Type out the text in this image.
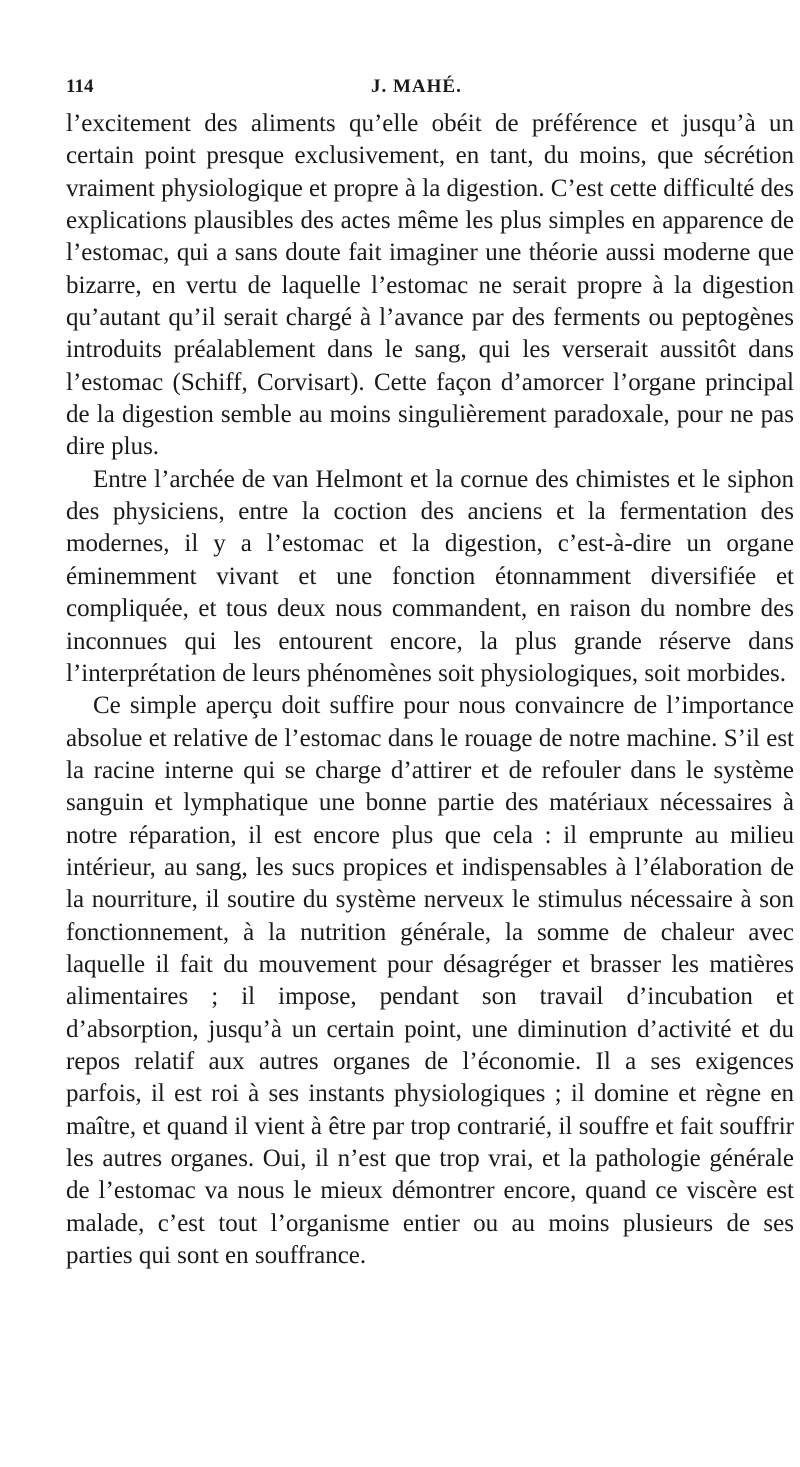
114	J. MAHÉ.

l’excitement des aliments qu’elle obéit de préférence et jusqu’à un certain point presque exclusivement, en tant, du moins, que sécrétion vraiment physiologique et propre à la digestion. C’est cette difficulté des explications plausibles des actes même les plus simples en apparence de l’estomac, qui a sans doute fait imaginer une théorie aussi moderne que bizarre, en vertu de laquelle l’estomac ne serait propre à la digestion qu’autant qu’il serait chargé à l’avance par des ferments ou peptogènes introduits préalablement dans le sang, qui les verserait aussitôt dans l’estomac (Schiff, Corvisart). Cette façon d’amorcer l’organe principal de la digestion semble au moins singulièrement paradoxale, pour ne pas dire plus.

Entre l’archée de van Helmont et la cornue des chimistes et le siphon des physiciens, entre la coction des anciens et la fermentation des modernes, il y a l’estomac et la digestion, c’est-à-dire un organe éminemment vivant et une fonction étonnamment diversifiée et compliquée, et tous deux nous commandent, en raison du nombre des inconnues qui les entourent encore, la plus grande réserve dans l’interprétation de leurs phénomènes soit physiologiques, soit morbides.

Ce simple aperçu doit suffire pour nous convaincre de l’importance absolue et relative de l’estomac dans le rouage de notre machine. S’il est la racine interne qui se charge d’attirer et de refouler dans le système sanguin et lymphatique une bonne partie des matériaux nécessaires à notre réparation, il est encore plus que cela : il emprunte au milieu intérieur, au sang, les sucs propices et indispensables à l’élaboration de la nourriture, il soutire du système nerveux le stimulus nécessaire à son fonctionnement, à la nutrition générale, la somme de chaleur avec laquelle il fait du mouvement pour désagréger et brasser les matières alimentaires ; il impose, pendant son travail d’incubation et d’absorption, jusqu’à un certain point, une diminution d’activité et du repos relatif aux autres organes de l’économie. Il a ses exigences parfois, il est roi à ses instants physiologiques ; il domine et règne en maître, et quand il vient à être par trop contrarié, il souffre et fait souffrir les autres organes. Oui, il n’est que trop vrai, et la pathologie générale de l’estomac va nous le mieux démontrer encore, quand ce viscère est malade, c’est tout l’organisme entier ou au moins plusieurs de ses parties qui sont en souffrance.
